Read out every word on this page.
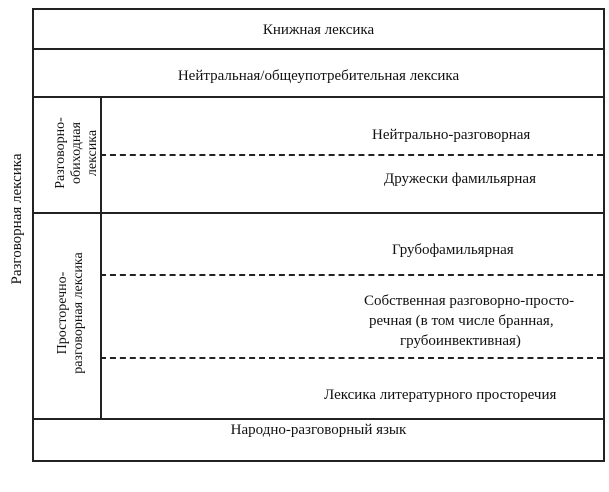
Книжная лексика
Нейтральная/общеупотребительная лексика
Народно-разговорный язык
Нейтрально-разговорная
Дружески фамильярная
Грубофамильярная
Собственная разговорно-просто-
речная (в том числе бранная,
грубоинвективная)
Лексика литературного просторечия
Разговорная лексика
Разговорно- обиходная лексика
Просторечно- разговорная лексика
